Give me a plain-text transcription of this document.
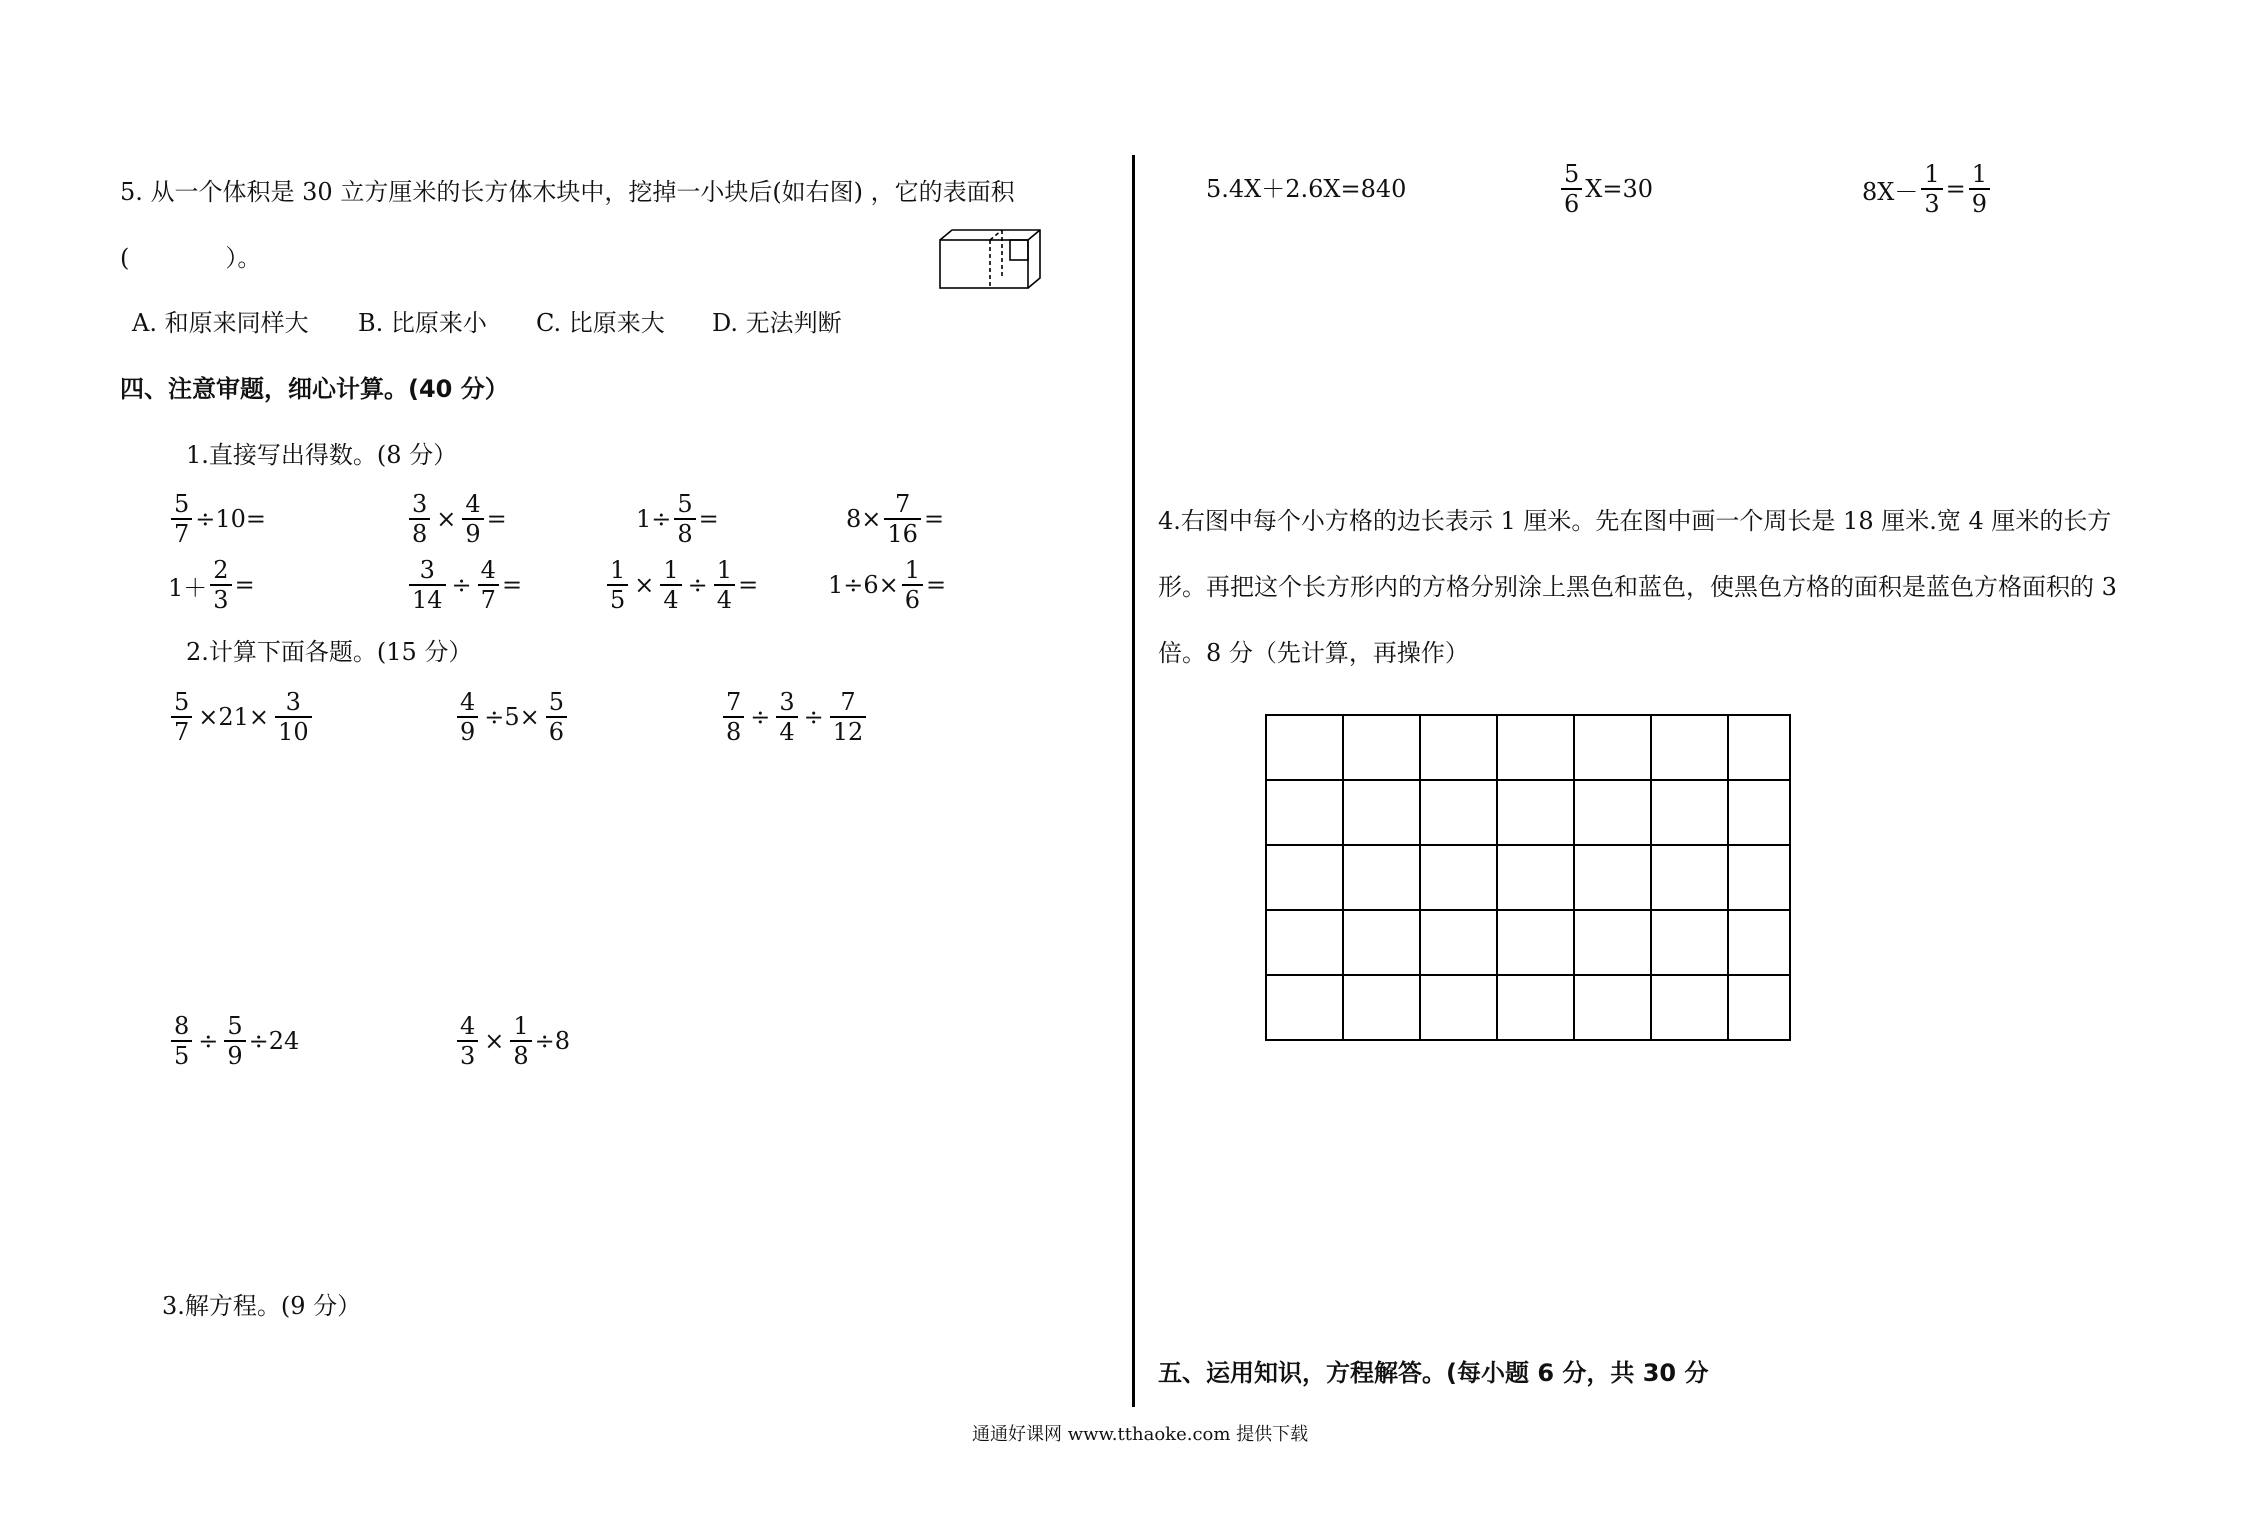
5. 从一个体积是 30 立方厘米的长方体木块中，挖掉一小块后(如右图) ，它的表面积
(　　　　）。
A. 和原来同样大 B. 比原来小 C. 比原来大 D. 无法判断
四、注意审题，细心计算。(40 分）
1.直接写出得数。(8 分）
$\frac{5}{7} \div 10=$	$\frac{3}{8} \times \frac{4}{9}$ =	$1\div \frac{5}{8}$ =	$8\times \frac{7}{16}$ =
$1+ \frac{2}{3}$ =	$\frac{3}{14} \div \frac{4}{7}$ =	$\frac{1}{5} \times \frac{1}{4} \div \frac{1}{4}$ =	$1\div 6\times \frac{1}{6}$ =
2.计算下面各题。(15 分）
$\frac{5}{7} \times 21\times \frac{3}{10}$	$\frac{4}{9} \div 5\times \frac{5}{6}$	$\frac{7}{8} \div \frac{3}{4} \div \frac{7}{12}$
$\frac{8}{5} \div \frac{5}{9} \div 24$	$\frac{4}{3} \times \frac{1}{8} \div 8$
3.解方程。(9 分）
5.4X＋2.6X=840	$\frac{5}{6} X=30$	$8X- \frac{1}{3} = \frac{1}{9}$
4.右图中每个小方格的边长表示 1 厘米。先在图中画一个周长是 18 厘米.宽 4 厘米的长方
形。再把这个长方形内的方格分别涂上黑色和蓝色，使黑色方格的面积是蓝色方格面积的 3
倍。8 分（先计算，再操作）

五、运用知识，方程解答。(每小题 6 分，共 30 分
通通好课网 www.tthaoke.com 提供下载
